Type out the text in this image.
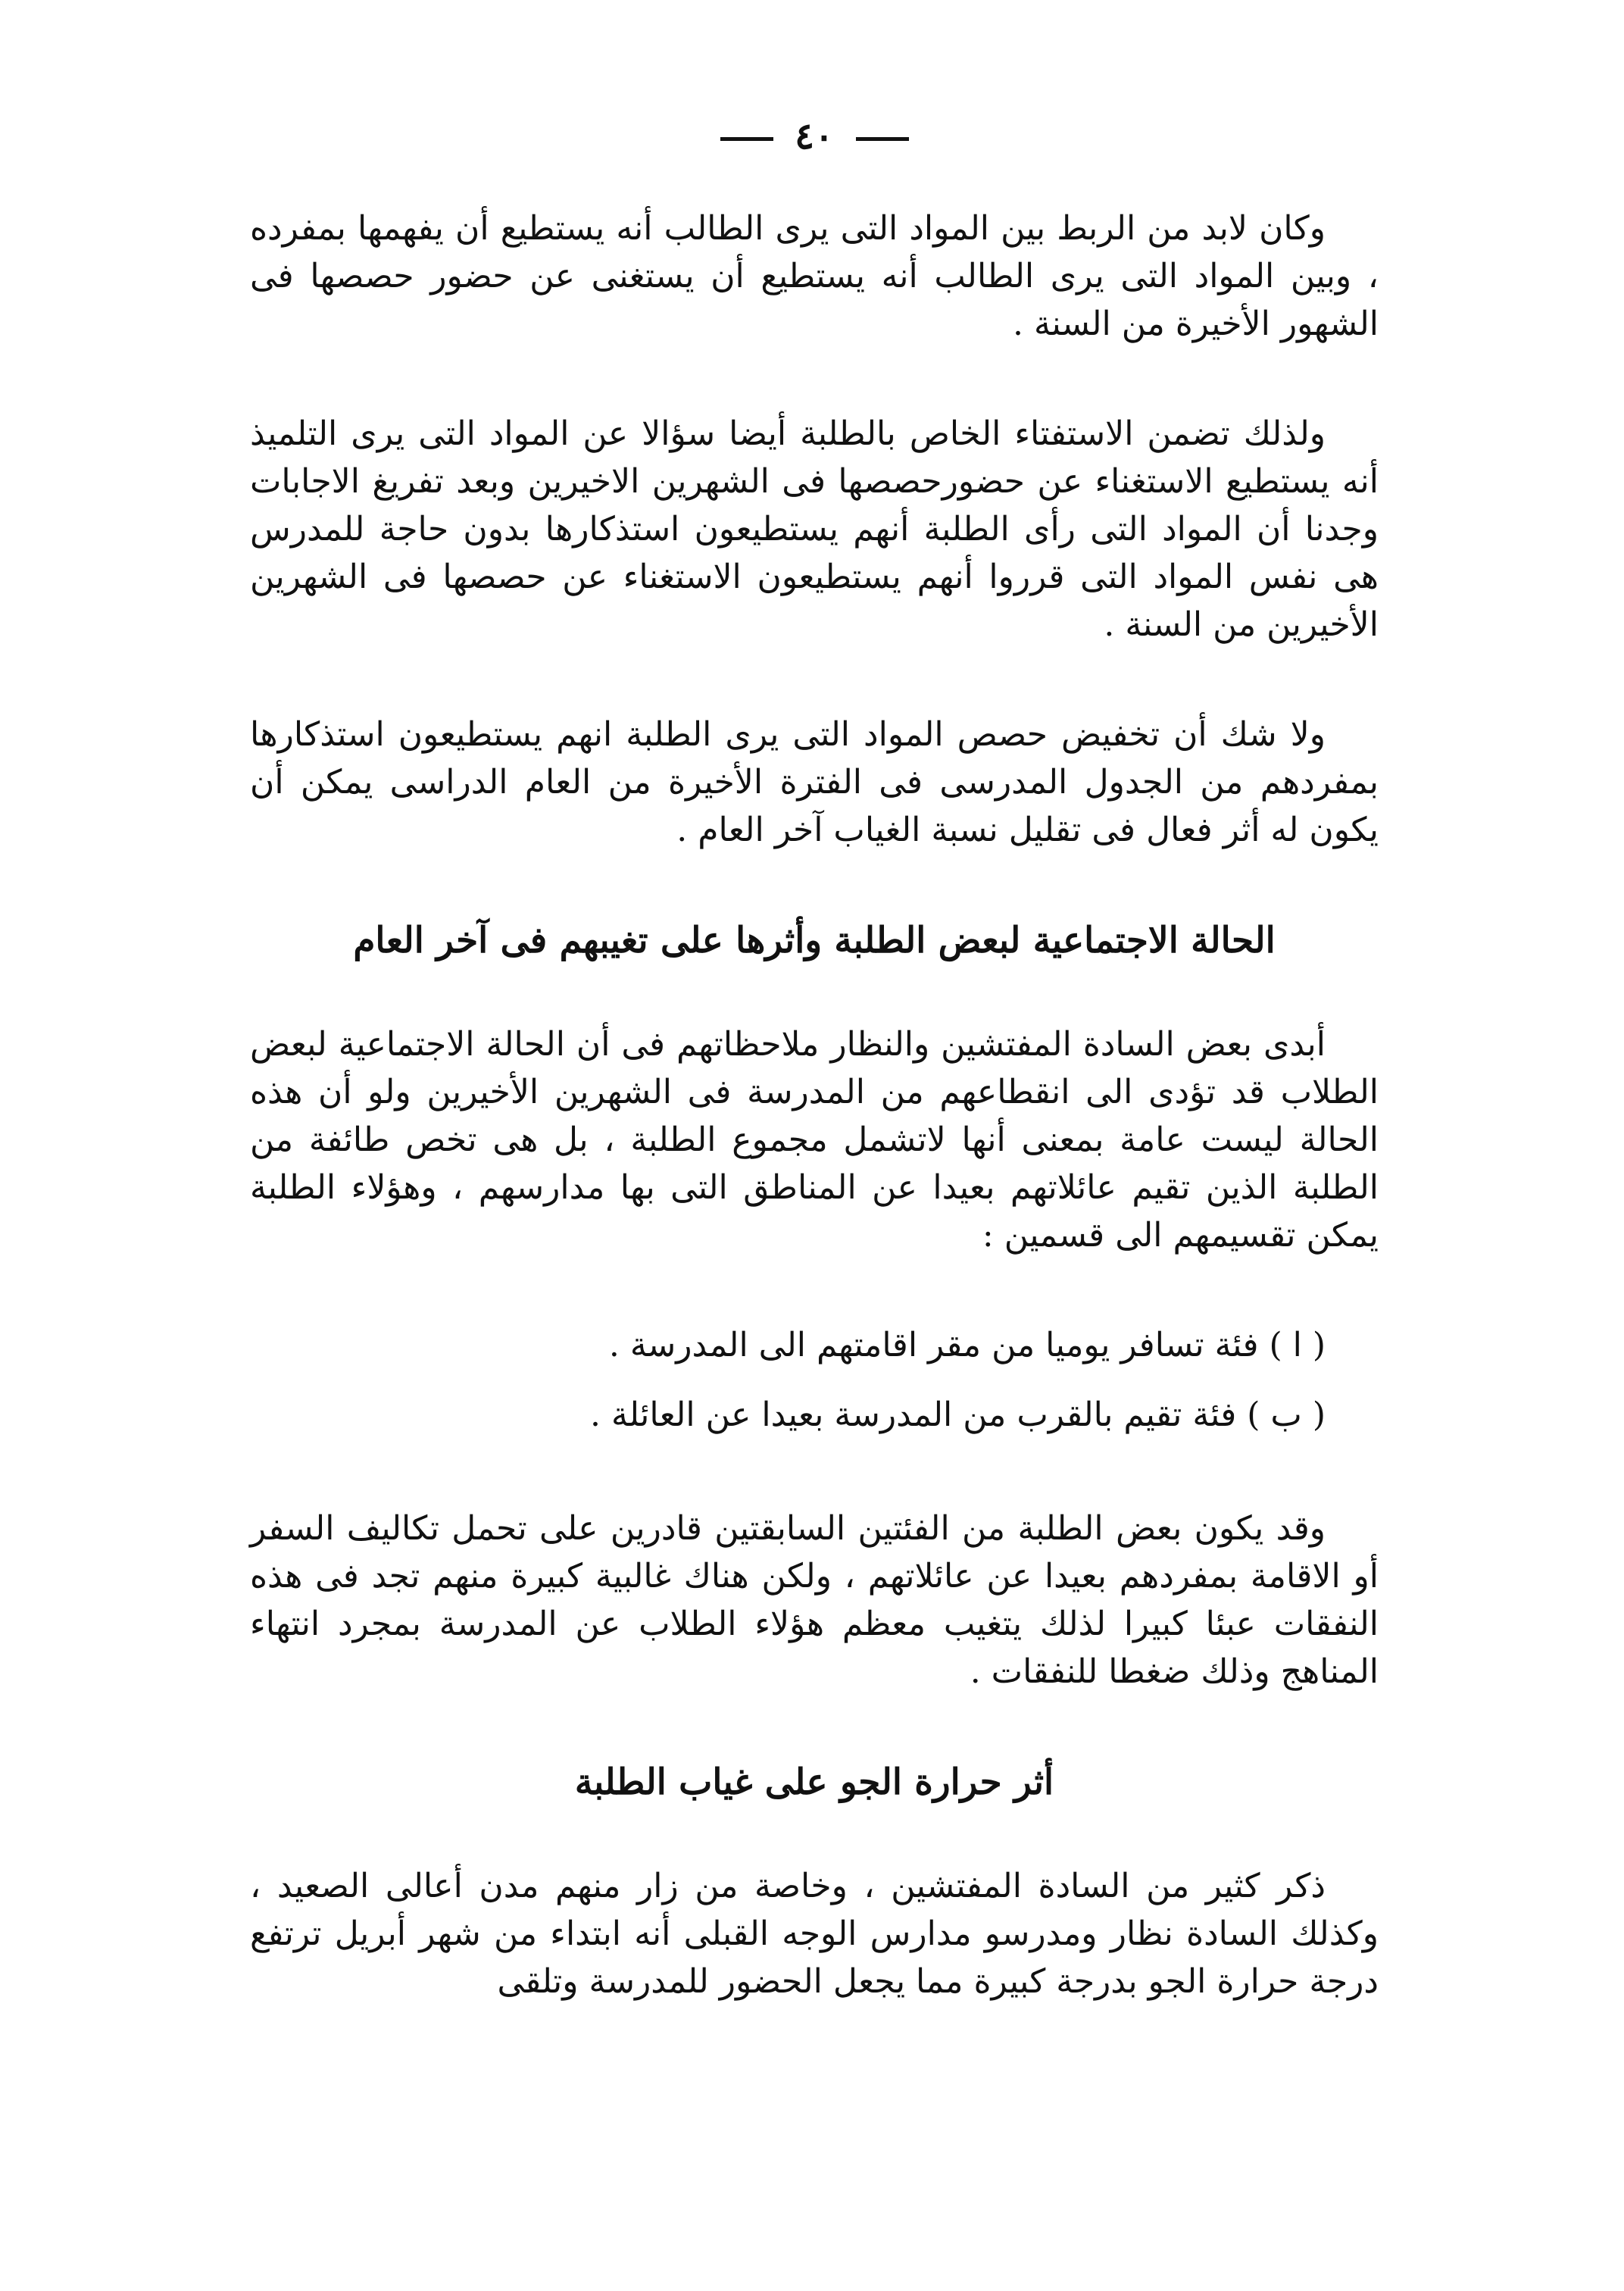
٤٠

وكان لابد من الربط بين المواد التى يرى الطالب أنه يستطيع أن يفهمها بمفرده ، وبين المواد التى يرى الطالب أنه يستطيع أن يستغنى عن حضور حصصها فى الشهور الأخيرة من السنة .

ولذلك تضمن الاستفتاء الخاص بالطلبة أيضا سؤالا عن المواد التى يرى التلميذ أنه يستطيع الاستغناء عن حضورحصصها فى الشهرين الاخيرين وبعد تفريغ الاجابات وجدنا أن المواد التى رأى الطلبة أنهم يستطيعون استذكارها بدون حاجة للمدرس هى نفس المواد التى قرروا أنهم يستطيعون الاستغناء عن حصصها فى الشهرين الأخيرين من السنة .

ولا شك أن تخفيض حصص المواد التى يرى الطلبة انهم يستطيعون استذكارها بمفردهم من الجدول المدرسى فى الفترة الأخيرة من العام الدراسى يمكن أن يكون له أثر فعال فى تقليل نسبة الغياب آخر العام .

الحالة الاجتماعية لبعض الطلبة وأثرها على تغيبهم فى آخر العام

أبدى بعض السادة المفتشين والنظار ملاحظاتهم فى أن الحالة الاجتماعية لبعض الطلاب قد تؤدى الى انقطاعهم من المدرسة فى الشهرين الأخيرين ولو أن هذه الحالة ليست عامة بمعنى أنها لاتشمل مجموع الطلبة ، بل هى تخص طائفة من الطلبة الذين تقيم عائلاتهم بعيدا عن المناطق التى بها مدارسهم ، وهؤلاء الطلبة يمكن تقسيمهم الى قسمين :

( ا ) فئة تسافر يوميا من مقر اقامتهم الى المدرسة .
( ب ) فئة تقيم بالقرب من المدرسة بعيدا عن العائلة .

وقد يكون بعض الطلبة من الفئتين السابقتين قادرين على تحمل تكاليف السفر أو الاقامة بمفردهم بعيدا عن عائلاتهم ، ولكن هناك غالبية كبيرة منهم تجد فى هذه النفقات عبئا كبيرا لذلك يتغيب معظم هؤلاء الطلاب عن المدرسة بمجرد انتهاء المناهج وذلك ضغطا للنفقات .

أثر حرارة الجو على غياب الطلبة

ذكر كثير من السادة المفتشين ، وخاصة من زار منهم مدن أعالى الصعيد ، وكذلك السادة نظار ومدرسو مدارس الوجه القبلى أنه ابتداء من شهر أبريل ترتفع درجة حرارة الجو بدرجة كبيرة مما يجعل الحضور للمدرسة وتلقى
